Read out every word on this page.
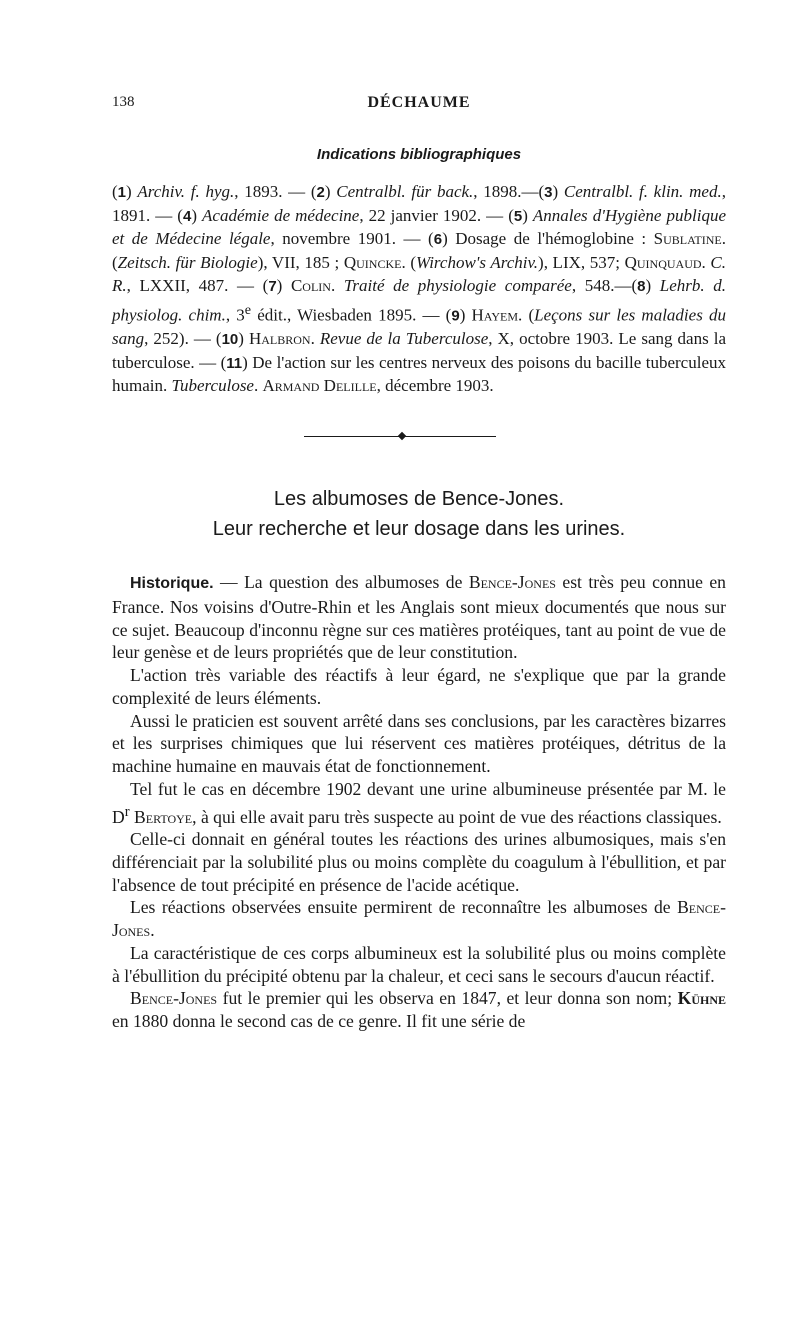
138	DÉCHAUME
Indications bibliographiques
(1) Archiv. f. hyg., 1893. — (2) Centralbl. für back., 1898.—(3) Centralbl. f. klin. med., 1891. — (4) Académie de médecine, 22 janvier 1902. — (5) Annales d'Hygiène publique et de Médecine légale, novembre 1901. — (6) Dosage de l'hémoglobine : Sublatine. (Zeitsch. für Biologie), VII, 185 ; Quincke. (Wirchow's Archiv.), LIX, 537; Quinquaud. C. R., LXXII, 487. — (7) Colin. Traité de physiologie comparée, 548.—(8) Lehrb. d. physiolog. chim., 3e édit., Wiesbaden 1895. — (9) Hayem. (Leçons sur les maladies du sang, 252). — (10) Halbron. Revue de la Tuberculose, X, octobre 1903. Le sang dans la tuberculose. — (11) De l'action sur les centres nerveux des poisons du bacille tuberculeux humain. Tuberculose. Armand Delille, décembre 1903.
Les albumoses de Bence-Jones.
Leur recherche et leur dosage dans les urines.

Historique. — La question des albumoses de Bence-Jones est très peu connue en France. Nos voisins d'Outre-Rhin et les Anglais sont mieux documentés que nous sur ce sujet. Beaucoup d'inconnu règne sur ces matières protéiques, tant au point de vue de leur genèse et de leurs propriétés que de leur constitution.

L'action très variable des réactifs à leur égard, ne s'explique que par la grande complexité de leurs éléments.

Aussi le praticien est souvent arrêté dans ses conclusions, par les caractères bizarres et les surprises chimiques que lui réservent ces matières protéiques, détritus de la machine humaine en mauvais état de fonctionnement.

Tel fut le cas en décembre 1902 devant une urine albumineuse présentée par M. le $D^r$ Bertoye, à qui elle avait paru très suspecte au point de vue des réactions classiques.

Celle-ci donnait en général toutes les réactions des urines albumosiques, mais s'en différenciait par la solubilité plus ou moins complète du coagulum à l'ébullition, et par l'absence de tout précipité en présence de l'acide acétique.

Les réactions observées ensuite permirent de reconnaître les albumoses de Bence-Jones.

La caractéristique de ces corps albumineux est la solubilité plus ou moins complète à l'ébullition du précipité obtenu par la chaleur, et ceci sans le secours d'aucun réactif.

Bence-Jones fut le premier qui les observa en 1847, et leur donna son nom; Kühne en 1880 donna le second cas de ce genre. Il fit une série de
